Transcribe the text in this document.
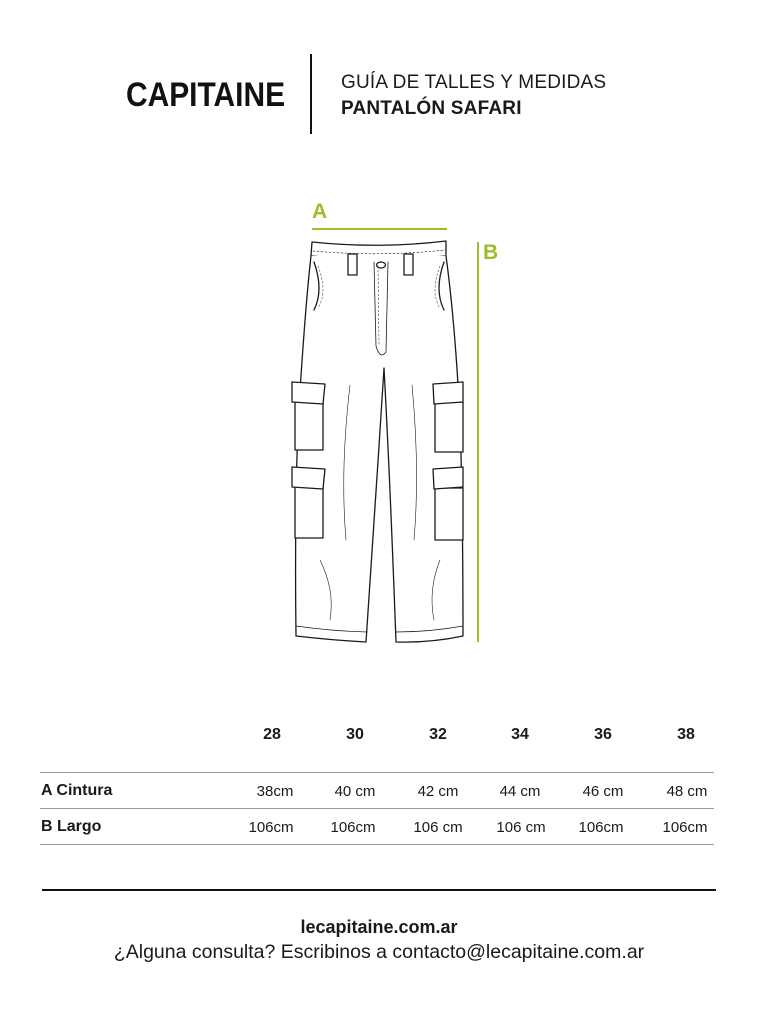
CAPITAINE	GUÍA DE TALLES Y MEDIDAS
PANTALÓN SAFARI
A
B
28	30	32	34	36	38
A Cintura	38cm	40 cm	42 cm	44 cm	46 cm	48 cm
B Largo	106cm	106cm	106 cm	106 cm	106cm	106cm
lecapitaine.com.ar
¿Alguna consulta? Escribinos a contacto@lecapitaine.com.ar
